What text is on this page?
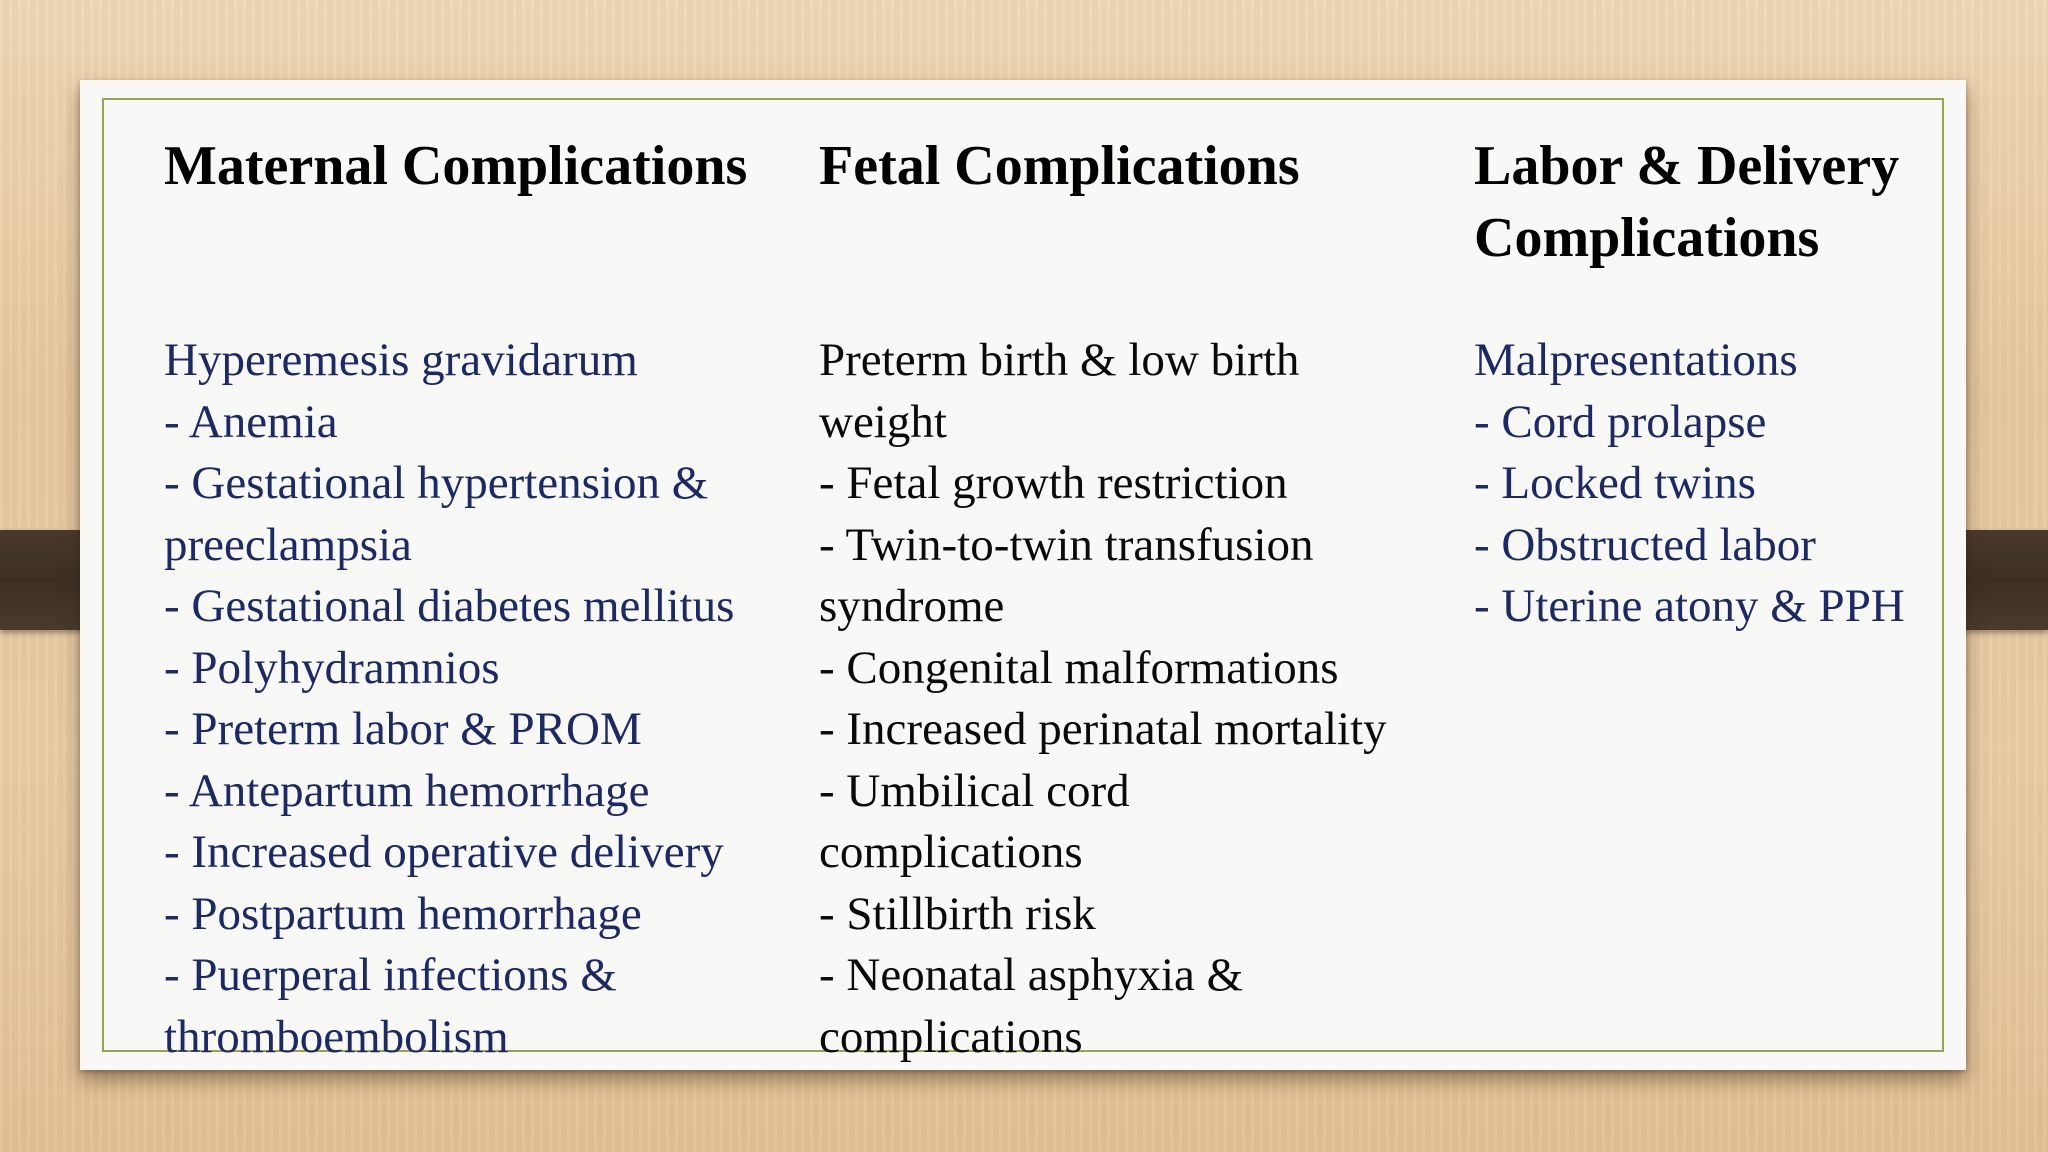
Maternal Complications
Hyperemesis gravidarum
- Anemia
- Gestational hypertension &
preeclampsia
- Gestational diabetes mellitus
- Polyhydramnios
- Preterm labor & PROM
- Antepartum hemorrhage
- Increased operative delivery
- Postpartum hemorrhage
- Puerperal infections &
thromboembolism
Fetal Complications
Preterm birth & low birth
weight
- Fetal growth restriction
- Twin-to-twin transfusion
syndrome
- Congenital malformations
- Increased perinatal mortality
- Umbilical cord
complications
- Stillbirth risk
- Neonatal asphyxia &
complications
Labor & Delivery
Complications
Malpresentations
- Cord prolapse
- Locked twins
- Obstructed labor
- Uterine atony & PPH
